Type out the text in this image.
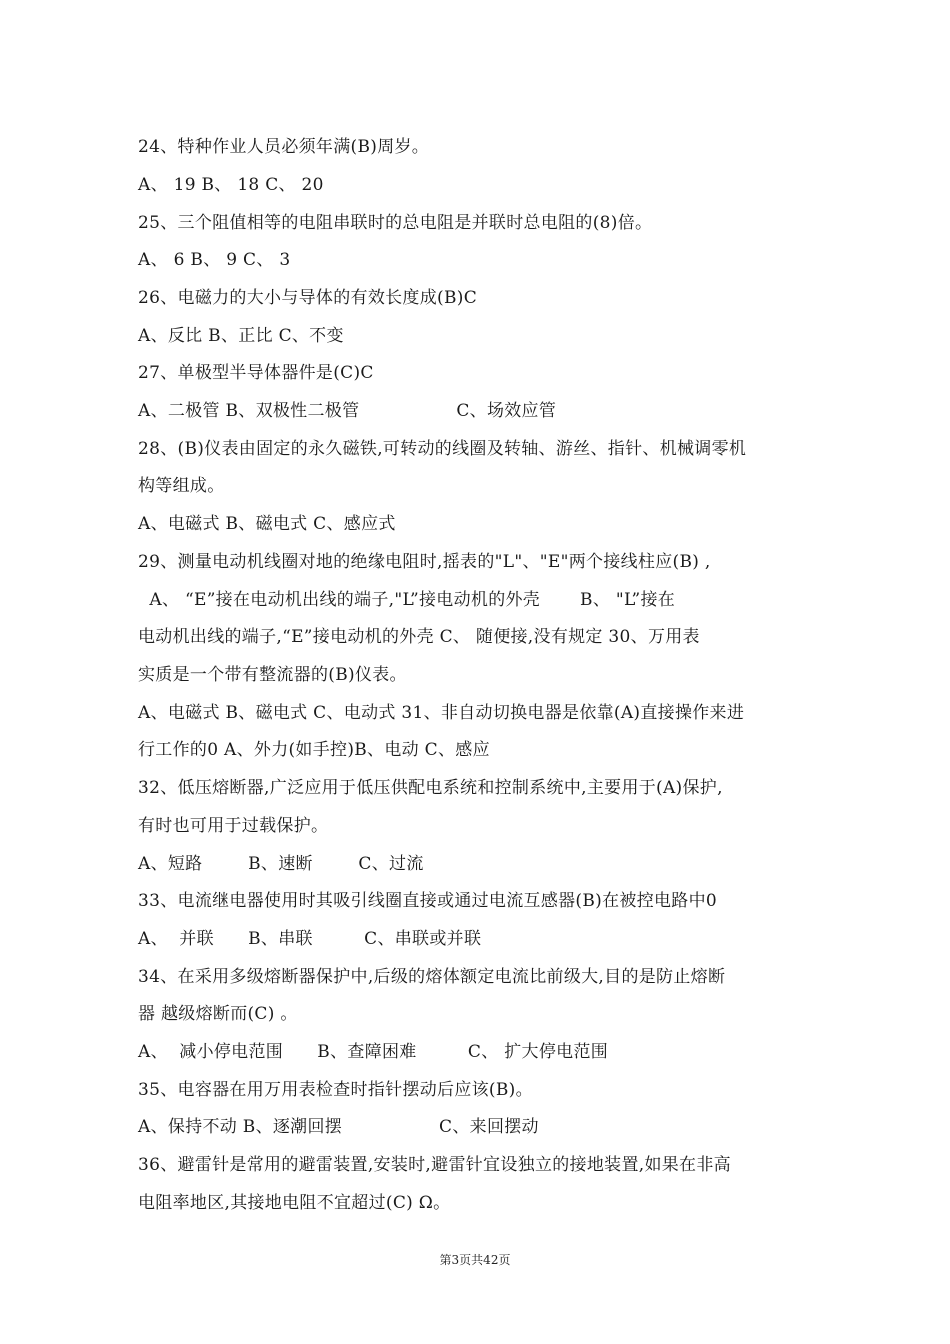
24、特种作业人员必须年满(B)周岁。
A、 19 B、 18 C、 20
25、三个阻值相等的电阻串联时的总电阻是并联时总电阻的(8)倍。
A、 6 B、 9 C、 3
26、电磁力的大小与导体的有效长度成(B)C
A、反比 B、正比 C、不变
27、单极型半导体器件是(C)C
A、二极管 B、双极性二极管                 C、场效应管
28、(B)仪表由固定的永久磁铁,可转动的线圈及转轴、游丝、指针、机械调零机
构等组成。
A、电磁式 B、磁电式 C、感应式
29、测量电动机线圈对地的绝缘电阻时,摇表的"L"、"E"两个接线柱应(B) ,
A、 “E”接在电动机出线的端子,"L”接电动机的外壳       B、 "L”接在
电动机出线的端子,“E”接电动机的外壳 C、 随便接,没有规定 30、万用表
实质是一个带有整流器的(B)仪表。
A、电磁式 B、磁电式 C、电动式 31、非自动切换电器是依靠(A)直接操作来进
行工作的0 A、外力(如手控)B、电动 C、感应
32、低压熔断器,广泛应用于低压供配电系统和控制系统中,主要用于(A)保护,
有时也可用于过载保护。
A、短路        B、速断        C、过流
33、电流继电器使用时其吸引线圈直接或通过电流互感器(B)在被控电路中0
A、  并联      B、串联         C、串联或并联
34、在采用多级熔断器保护中,后级的熔体额定电流比前级大,目的是防止熔断
器 越级熔断而(C) 。
A、  减小停电范围      B、查障困难         C、 扩大停电范围
35、电容器在用万用表检查时指针摆动后应该(B)。
A、保持不动 B、逐潮回摆                 C、来回摆动
36、避雷针是常用的避雷装置,安装时,避雷针宜设独立的接地装置,如果在非高
电阻率地区,其接地电阻不宜超过(C) Ω。
第3页共42页
